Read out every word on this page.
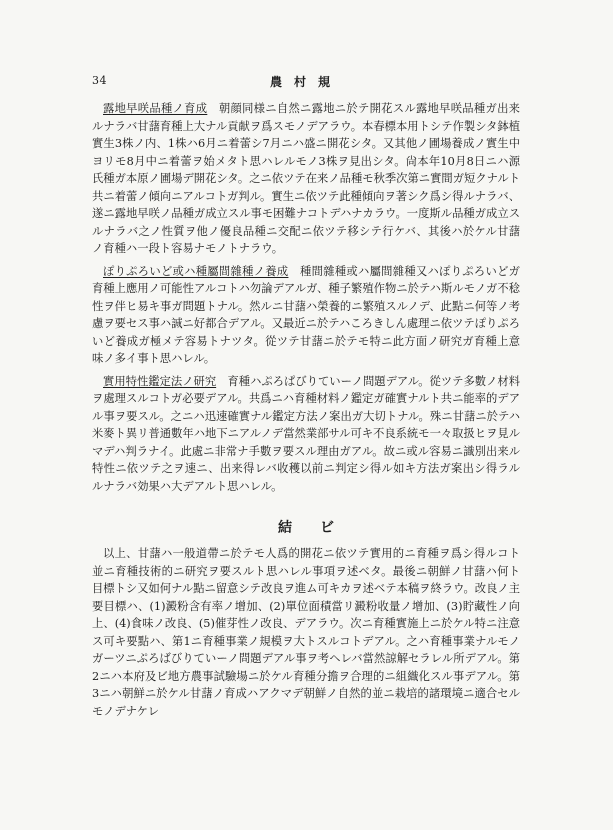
34	農村規

露地早咲品種ノ育成　 朝顔同様ニ自然ニ露地ニ於テ開花スル露地早咲品種ガ出来ルナラバ甘藷育種上大ナル貢献ヲ爲スモノデアラウ。本春標本用トシテ作製シタ鉢植實生3株ノ内、1株ハ6月ニ着蕾シ7月ニハ盛ニ開花シタ。又其他ノ圃場養成ノ實生中ヨリモ8月中ニ着蕾ヲ始メタト思ハレルモノ3株ヲ見出シタ。尙本年10月8日ニハ源氏種ガ本原ノ圃場デ開花シタ。之ニ依ツテ在来ノ品種モ秋季次第ニ實間ガ短クナルト共ニ着蕾ノ傾向ニアルコトガ判ル。實生ニ依ツテ此種傾向ヲ著シク爲シ得ルナラバ、遂ニ露地早咲ノ品種ガ成立スル事モ困難ナコトデハナカラウ。一度斯ル品種ガ成立スルナラバ之ノ性質ヲ他ノ優良品種ニ交配ニ依ツテ移シテ行ケバ、其後ハ於ケル甘藷ノ育種ハ一段ト容易ナモノトナラウ。

ぽりぷろいど或ハ種屬間雜種ノ養成　 種間雜種或ハ屬間雜種又ハぽりぷろいどガ育種上應用ノ可能性アルコトハ勿論デアルガ、種子繁殖作物ニ於テハ斯ルモノガ不稔性ヲ伴ヒ易キ事ガ問題トナル。然ルニ甘藷ハ榮養的ニ繁殖スルノデ、此點ニ何等ノ考慮ヲ要セス事ハ誠ニ好都合デアル。又最近ニ於テハころきしん處理ニ依ツテぽりぷろいど養成ガ極メテ容易トナツタ。從ツテ甘藷ニ於テモ特ニ此方面ノ研究ガ育種上意味ノ多イ事ト思ハレル。

實用特性鑑定法ノ研究　 育種ハぷろぱびりていーノ問題デアル。從ツテ多數ノ材料ヲ處理スルコトガ必要デアル。共爲ニハ育種材料ノ鑑定ガ確實ナルト共ニ能率的デアル事ヲ要スル。之ニハ迅速確實ナル鑑定方法ノ案出ガ大切トナル。殊ニ甘藷ニ於テハ米麥ト異リ普通數年ハ地下ニアルノデ當然業部サル可キ不良系統モ一々取扱ヒヲ見ルマデハ判ラナイ。此處ニ非常ナ手數ヲ要スル理由ガアル。故ニ或ル容易ニ識別出来ル特性ニ依ツテ之ヲ速ニ、出来得レバ收穫以前ニ判定シ得ル如キ方法ガ案出シ得ラルルナラバ効果ハ大デアルト思ハレル。

結ビ

以上、甘藷ハ一般道帶ニ於テモ人爲的開花ニ依ツテ實用的ニ育種ヲ爲シ得ルコト並ニ育種技術的ニ研究ヲ要スルト思ハレル事項ヲ述ベタ。最後ニ朝鮮ノ甘藷ハ何ト目標トシ又如何ナル點ニ留意シテ改良ヲ進ム可キカヲ述ベテ本稿ヲ終ラウ。改良ノ主要目標ハ、(1)澱粉含有率ノ增加、(2)單位面積當リ澱粉收量ノ增加、(3)貯藏性ノ向上、(4)食味ノ改良、(5)催芽性ノ改良、デアラウ。次ニ育種實施上ニ於ケル特ニ注意ス可キ要點ハ、第1ニ育種事業ノ規模ヲ大トスルコトデアル。之ハ育種事業ナルモノガーツニぷろばびりていーノ問題デアル事ヲ考ヘレバ當然諒解セラレル所デアル。第2ニハ本府及ビ地方農事試驗場ニ於ケル育種分擔ヲ合理的ニ組織化スル事デアル。第3ニハ朝鮮ニ於ケル甘藷ノ育成ハアクマデ朝鮮ノ自然的並ニ栽培的諸環境ニ適合セルモノデナケレ
